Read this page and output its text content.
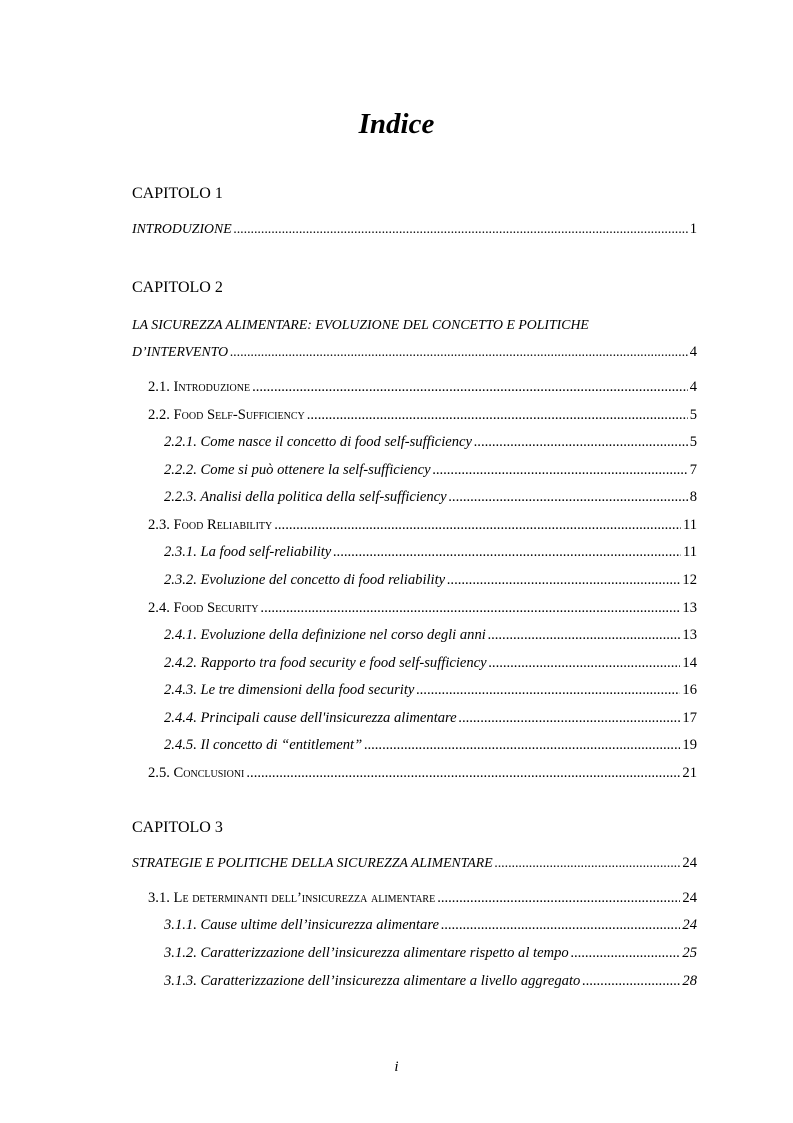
Indice
CAPITOLO 1
INTRODUZIONE .....	1
CAPITOLO 2
LA SICUREZZA ALIMENTARE: EVOLUZIONE DEL CONCETTO E POLITICHE
D’INTERVENTO .....	4
2.1. Introduzione .....	4
2.2. Food Self-Sufficiency .....	5
2.2.1. Come nasce il concetto di food self-sufficiency .....	5
2.2.2. Come si può ottenere la self-sufficiency .....	7
2.2.3. Analisi della politica della self-sufficiency .....	8
2.3. Food Reliability .....	11
2.3.1. La food self-reliability .....	11
2.3.2. Evoluzione del concetto di food reliability .....	12
2.4. Food Security .....	13
2.4.1. Evoluzione della definizione nel corso degli anni .....	13
2.4.2. Rapporto tra food security e food self-sufficiency .....	14
2.4.3. Le tre dimensioni della food security .....	16
2.4.4. Principali cause dell'insicurezza alimentare .....	17
2.4.5. Il concetto di “entitlement” .....	19
2.5. Conclusioni .....	21
CAPITOLO 3
STRATEGIE E POLITICHE DELLA SICUREZZA ALIMENTARE .....	24
3.1. Le determinanti dell’insicurezza alimentare .....	24
3.1.1. Cause ultime dell’insicurezza alimentare .....	24
3.1.2. Caratterizzazione dell’insicurezza alimentare rispetto al tempo .....	25
3.1.3. Caratterizzazione dell’insicurezza alimentare a livello aggregato .....	28
i
